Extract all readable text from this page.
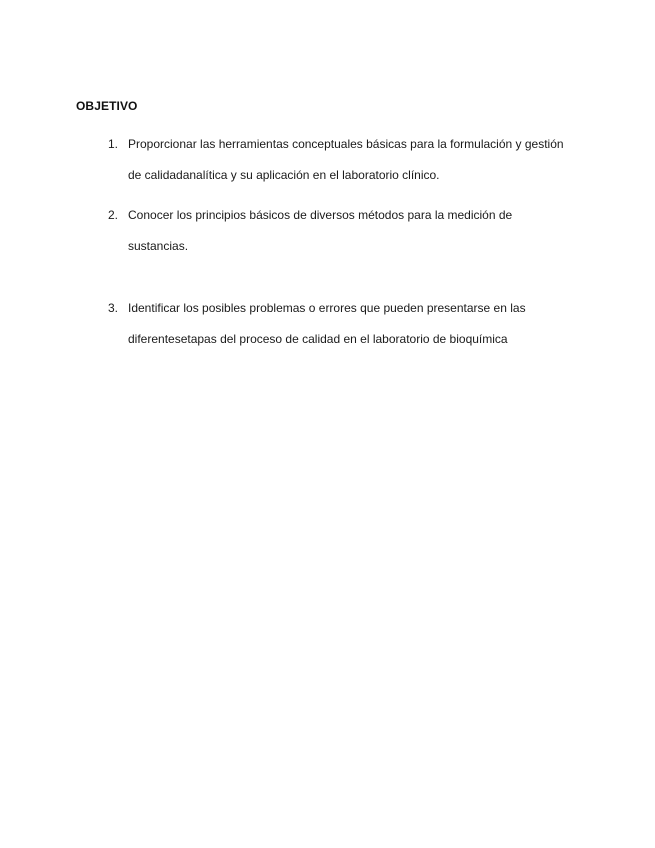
OBJETIVO
1. Proporcionar las herramientas conceptuales básicas para la formulación y gestión
de calidadanalítica y su aplicación en el laboratorio clínico.
2. Conocer los principios básicos de diversos métodos para la medición de
sustancias.
3. Identificar los posibles problemas o errores que pueden presentarse en las
diferentesetapas del proceso de calidad en el laboratorio de bioquímica
